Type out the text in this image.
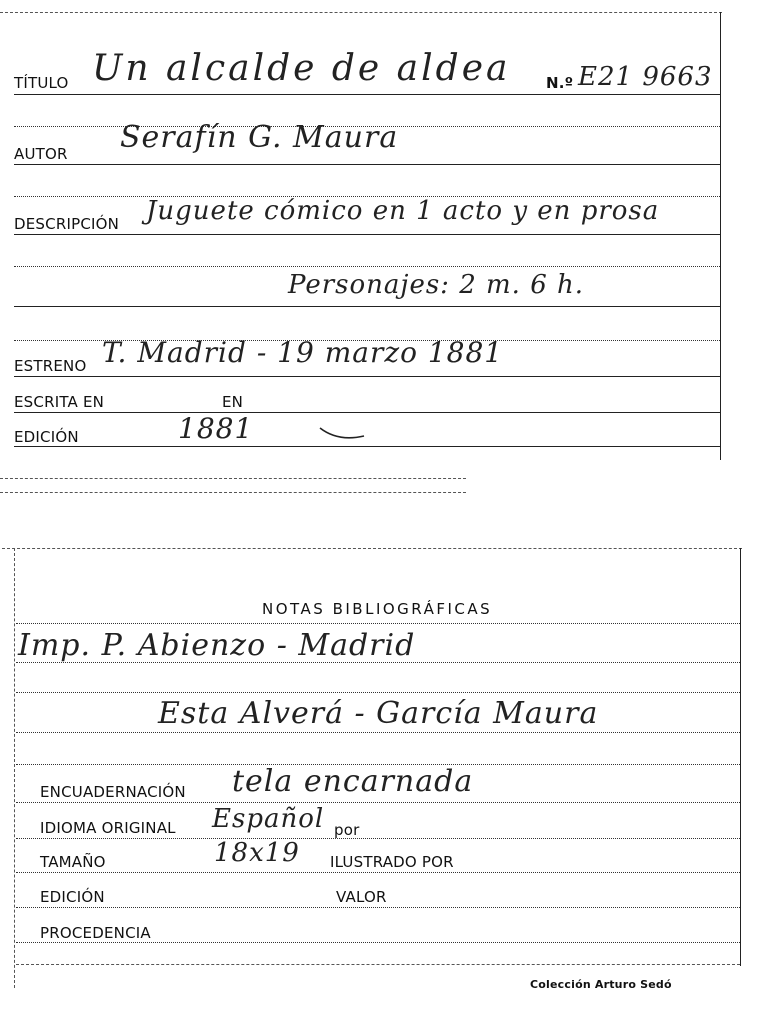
TÍTULO Un alcalde de aldea N.º E21 9663
AUTOR Serafín G. Maura
DESCRIPCIÓN Juguete cómico en 1 acto y en prosa
Personajes: 2 m. 6 h.
ESTRENO T. Madrid - 19 marzo 1881
ESCRITA EN	EN
EDICIÓN	1881
NOTAS BIBLIOGRÁFICAS
Imp. P. Abienzo - Madrid
Esta Alverá - García Maura
ENCUADERNACIÓN tela encarnada
IDIOMA ORIGINAL Español por
TAMAÑO	18x19 ILUSTRADO POR
EDICIÓN	VALOR
PROCEDENCIA
Colección Arturo Sedó
